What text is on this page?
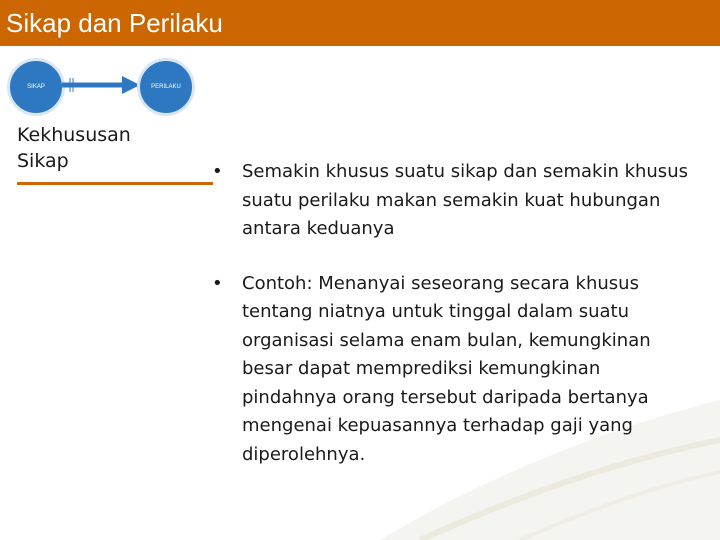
Sikap dan Perilaku
SIKAP	PERILAKU
Kekhususan
Sikap	• Semakin khusus suatu sikap dan semakin khusus suatu perilaku makan semakin kuat hubungan antara keduanya
• Contoh: Menanyai seseorang secara khusus tentang niatnya untuk tinggal dalam suatu organisasi selama enam bulan, kemungkinan besar dapat memprediksi kemungkinan pindahnya orang tersebut daripada bertanya mengenai kepuasannya terhadap gaji yang diperolehnya.
